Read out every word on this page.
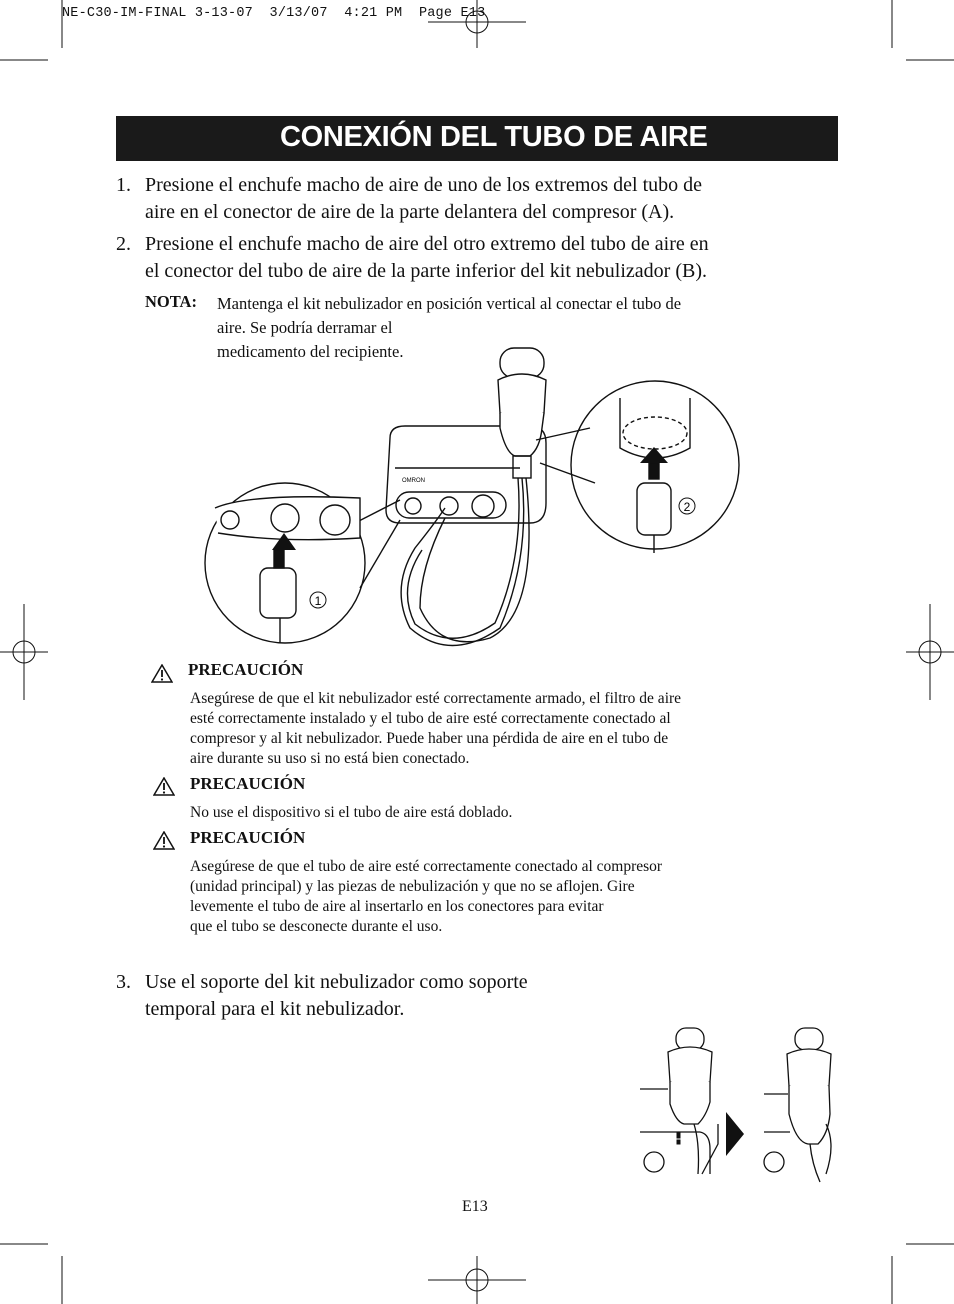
NE-C30-IM-FINAL 3-13-07  3/13/07  4:21 PM  Page E13
CONEXIÓN DEL TUBO DE AIRE
1. Presione el enchufe macho de aire de uno de los extremos del tubo de
aire en el conector de aire de la parte delantera del compresor (A).
2. Presione el enchufe macho de aire del otro extremo del tubo de aire en
el conector del tubo de aire de la parte inferior del kit nebulizador (B).
NOTA: Mantenga el kit nebulizador en posición vertical al conectar el tubo de
aire. Se podría derramar el
medicamento del recipiente.
1
2
OMRON
PRECAUCIÓN
Asegúrese de que el kit nebulizador esté correctamente armado, el filtro de aire
esté correctamente instalado y el tubo de aire esté correctamente conectado al
compresor y al kit nebulizador. Puede haber una pérdida de aire en el tubo de
aire durante su uso si no está bien conectado.
PRECAUCIÓN
No use el dispositivo si el tubo de aire está doblado.
PRECAUCIÓN
Asegúrese de que el tubo de aire esté correctamente conectado al compresor
(unidad principal) y las piezas de nebulización y que no se aflojen. Gire
levemente el tubo de aire al insertarlo en los conectores para evitar
que el tubo se desconecte durante el uso.
3. Use el soporte del kit nebulizador como soporte
temporal para el kit nebulizador.
E13
